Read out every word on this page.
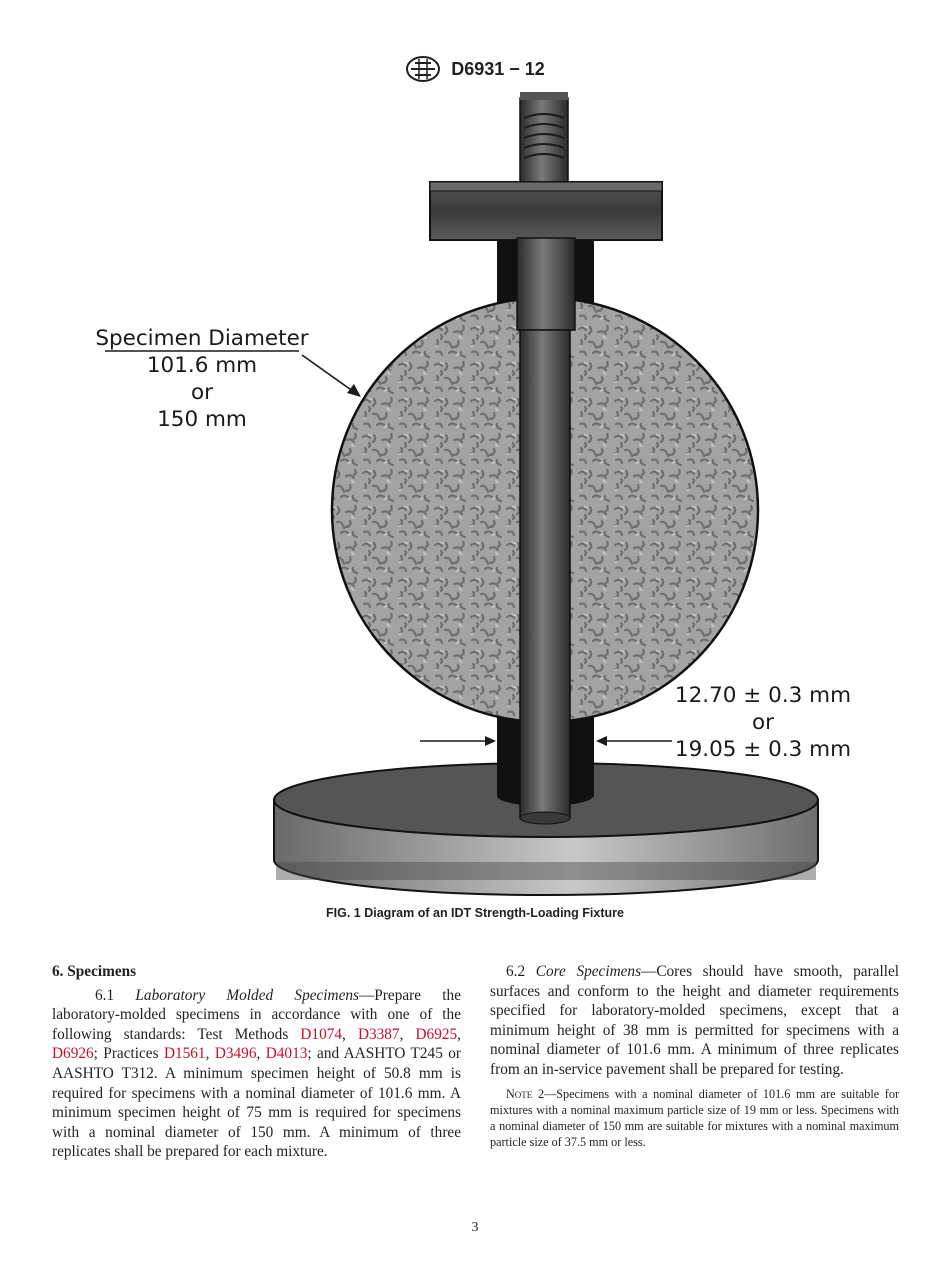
D6931 − 12
Specimen Diameter
101.6 mm
or
150 mm
12.70 ± 0.3 mm
or
19.05 ± 0.3 mm
FIG. 1 Diagram of an IDT Strength-Loading Fixture

6. Specimens

6.1 Laboratory Molded Specimens—Prepare the laboratory-molded specimens in accordance with one of the following standards: Test Methods D1074, D3387, D6925, D6926; Practices D1561, D3496, D4013; and AASHTO T245 or AASHTO T312. A minimum specimen height of 50.8 mm is required for specimens with a nominal diameter of 101.6 mm. A minimum specimen height of 75 mm is required for specimens with a nominal diameter of 150 mm. A minimum of three replicates shall be prepared for each mixture.

6.2 Core Specimens—Cores should have smooth, parallel surfaces and conform to the height and diameter requirements specified for laboratory-molded specimens, except that a minimum height of 38 mm is permitted for specimens with a nominal diameter of 101.6 mm. A minimum of three replicates from an in-service pavement shall be prepared for testing.

Note 2—Specimens with a nominal diameter of 101.6 mm are suitable for mixtures with a nominal maximum particle size of 19 mm or less. Specimens with a nominal diameter of 150 mm are suitable for mixtures with a nominal maximum particle size of 37.5 mm or less.

3
